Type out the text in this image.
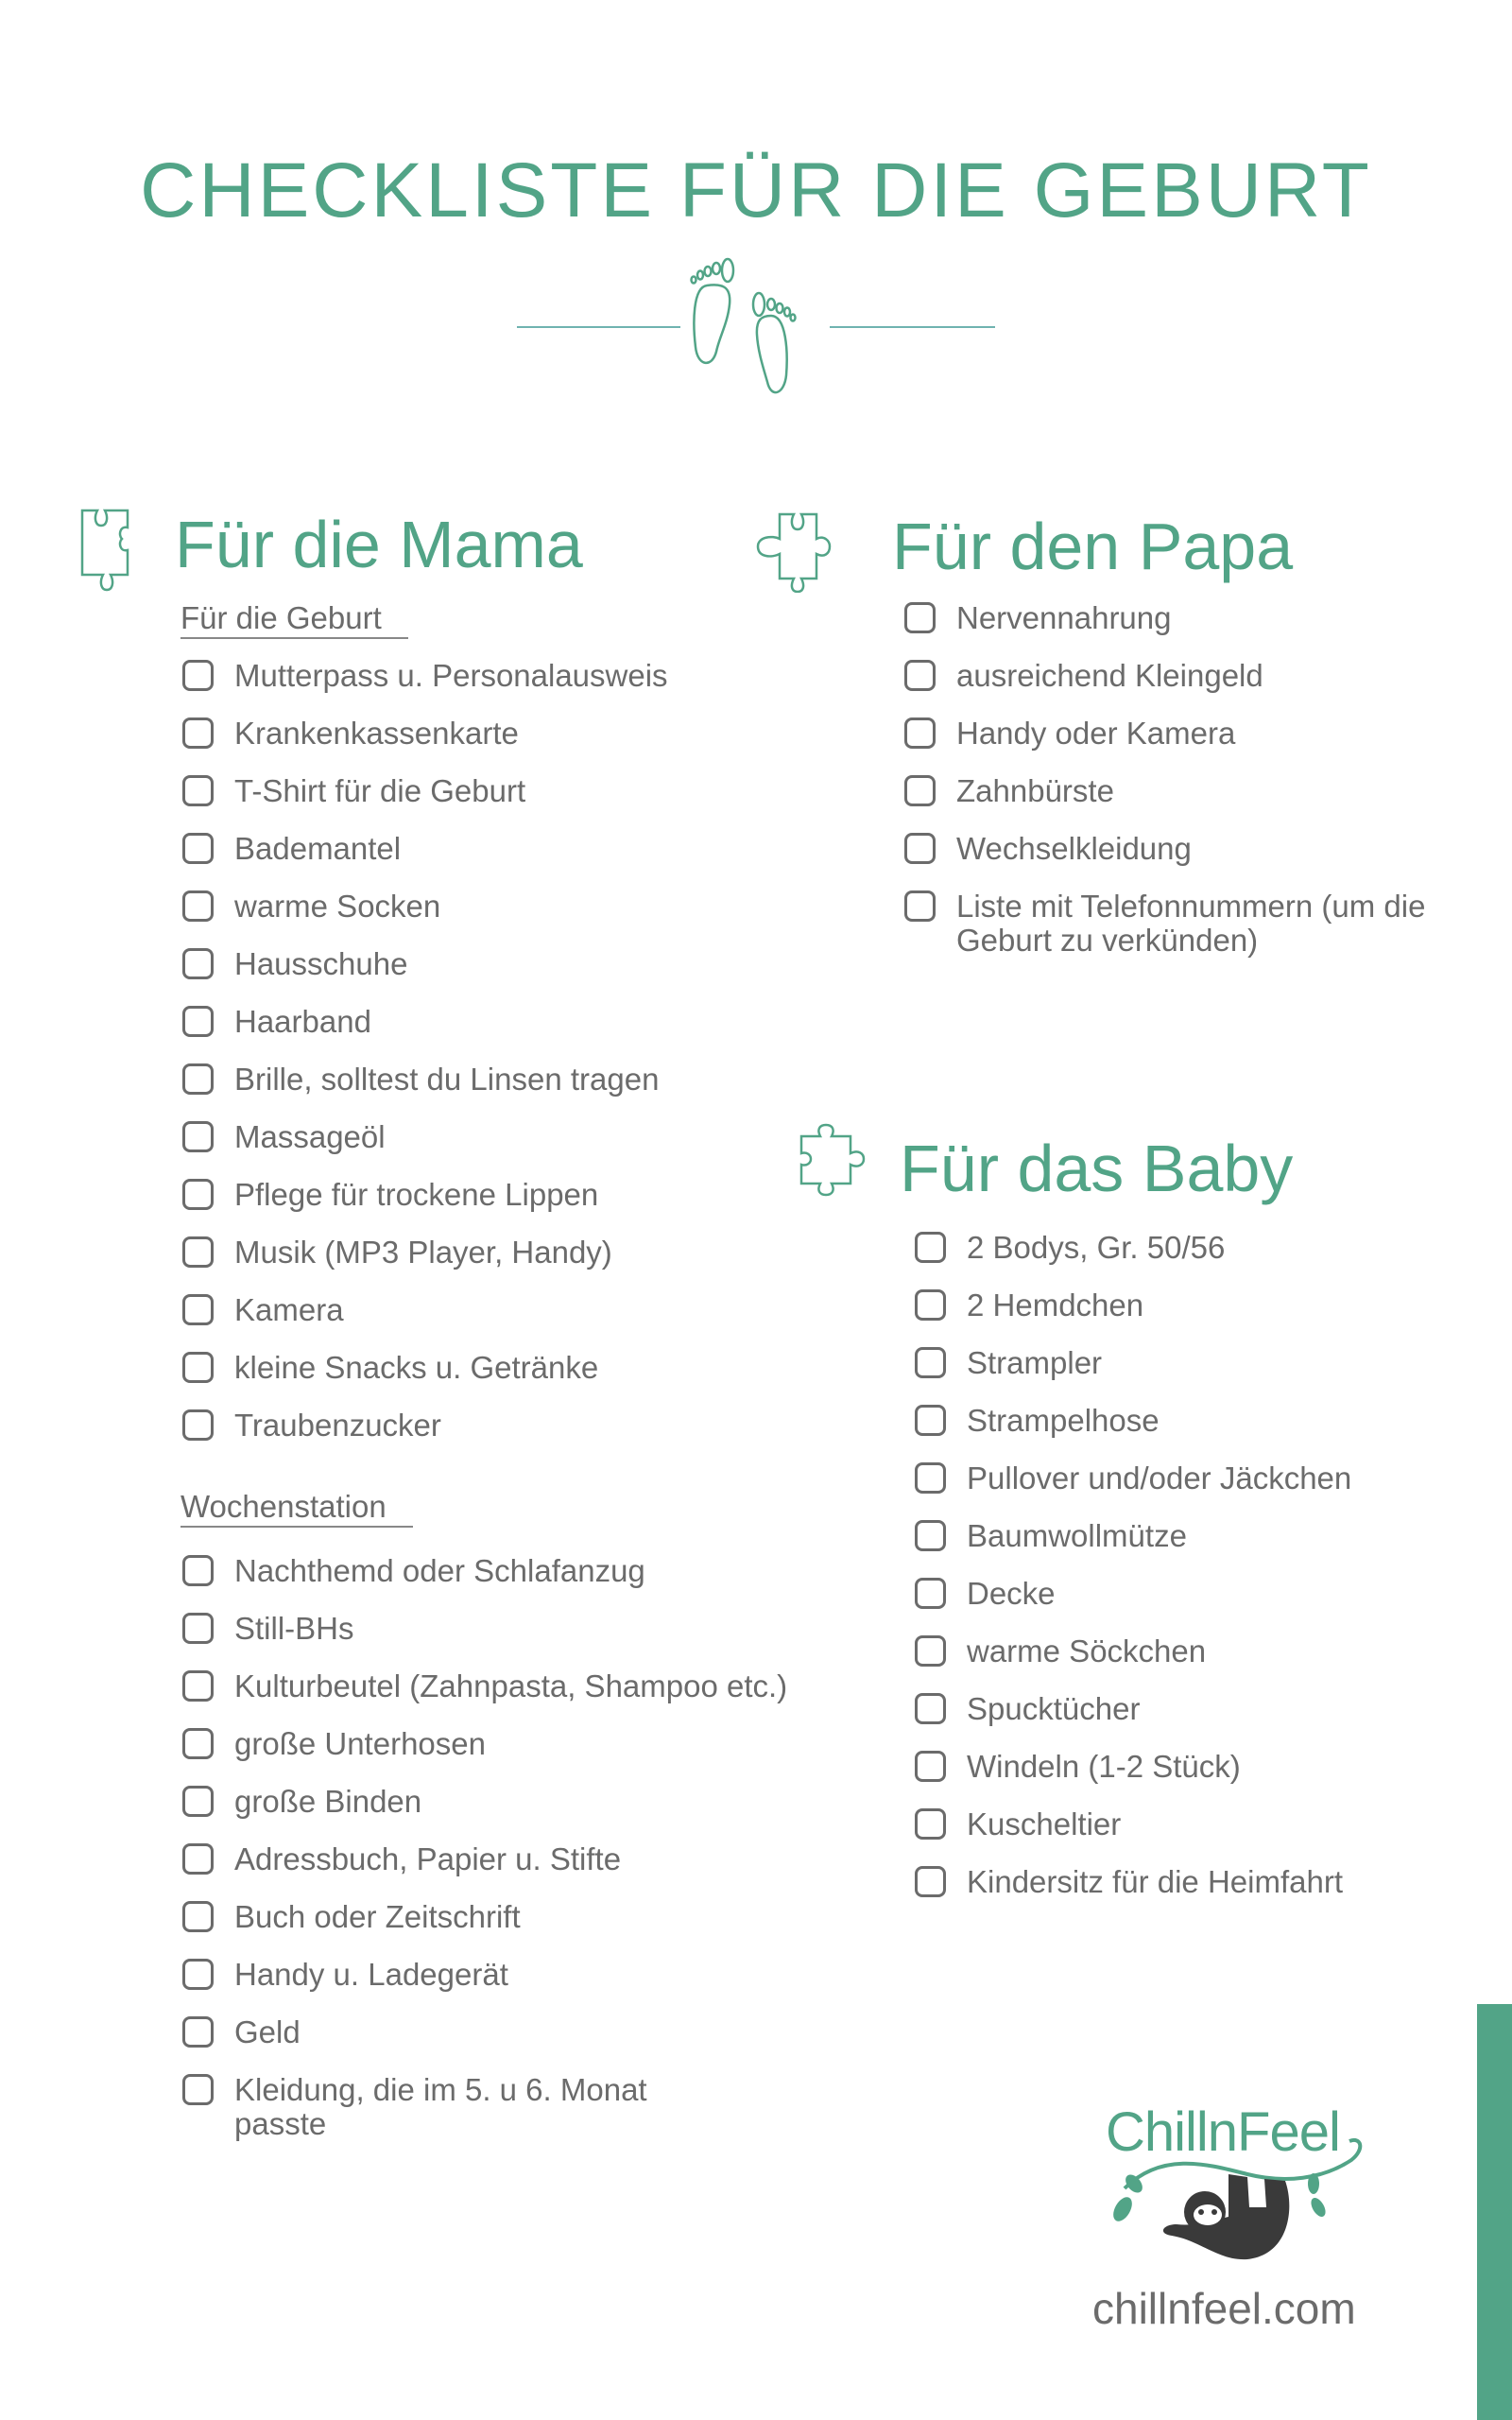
CHECKLISTE FÜR DIE GEBURT
Für die Mama
Für die Geburt
Mutterpass u. Personalausweis
Krankenkassenkarte
T-Shirt für die Geburt
Bademantel
warme Socken
Hausschuhe
Haarband
Brille, solltest du Linsen tragen
Massageöl
Pflege für trockene Lippen
Musik (MP3 Player, Handy)
Kamera
kleine Snacks u. Getränke
Traubenzucker
Wochenstation
Nachthemd oder Schlafanzug
Still-BHs
Kulturbeutel (Zahnpasta, Shampoo etc.)
große Unterhosen
große Binden
Adressbuch, Papier u. Stifte
Buch oder Zeitschrift
Handy u. Ladegerät
Geld
Kleidung, die im 5. u 6. Monat passte
Für den Papa
Nervennahrung
ausreichend Kleingeld
Handy oder Kamera
Zahnbürste
Wechselkleidung
Liste mit Telefonnummern (um die Geburt zu verkünden)
Für das Baby
2 Bodys, Gr. 50/56
2 Hemdchen
Strampler
Strampelhose
Pullover und/oder Jäckchen
Baumwollmütze
Decke
warme Söckchen
Spucktücher
Windeln (1-2 Stück)
Kuscheltier
Kindersitz für die Heimfahrt
ChillnFeel
chillnfeel.com
